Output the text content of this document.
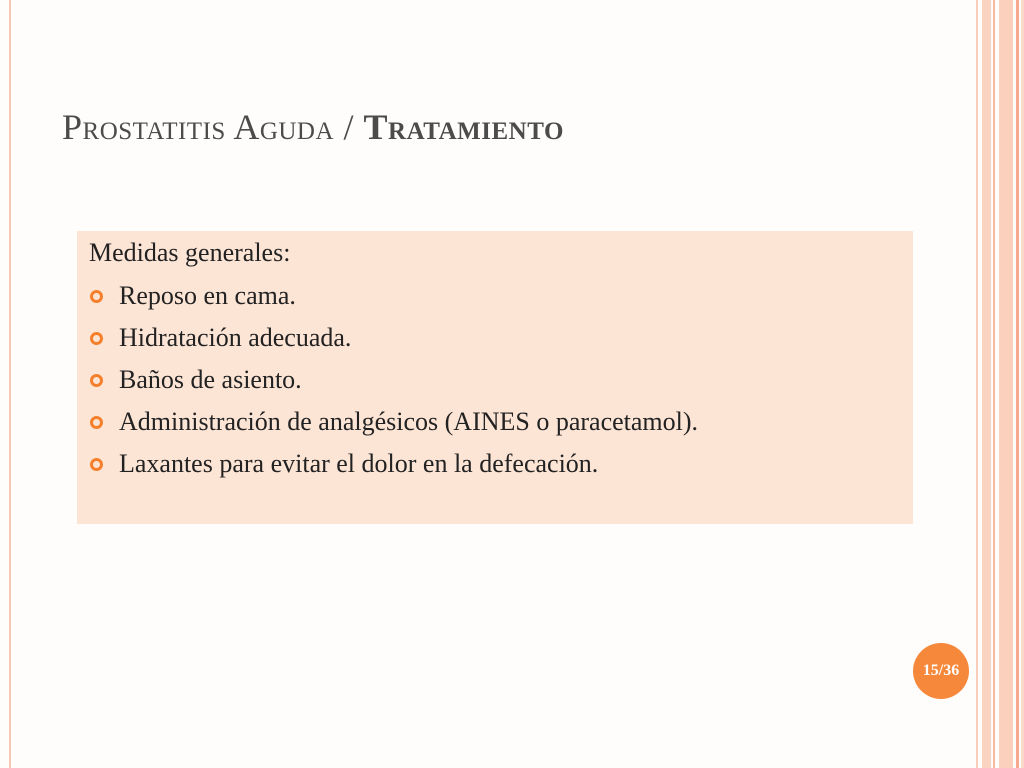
Prostatitis Aguda / Tratamiento

Medidas generales:

Reposo en cama.
Hidratación adecuada.
Baños de asiento.
Administración de analgésicos (AINES o paracetamol).
Laxantes para evitar el dolor en la defecación.
15/36
